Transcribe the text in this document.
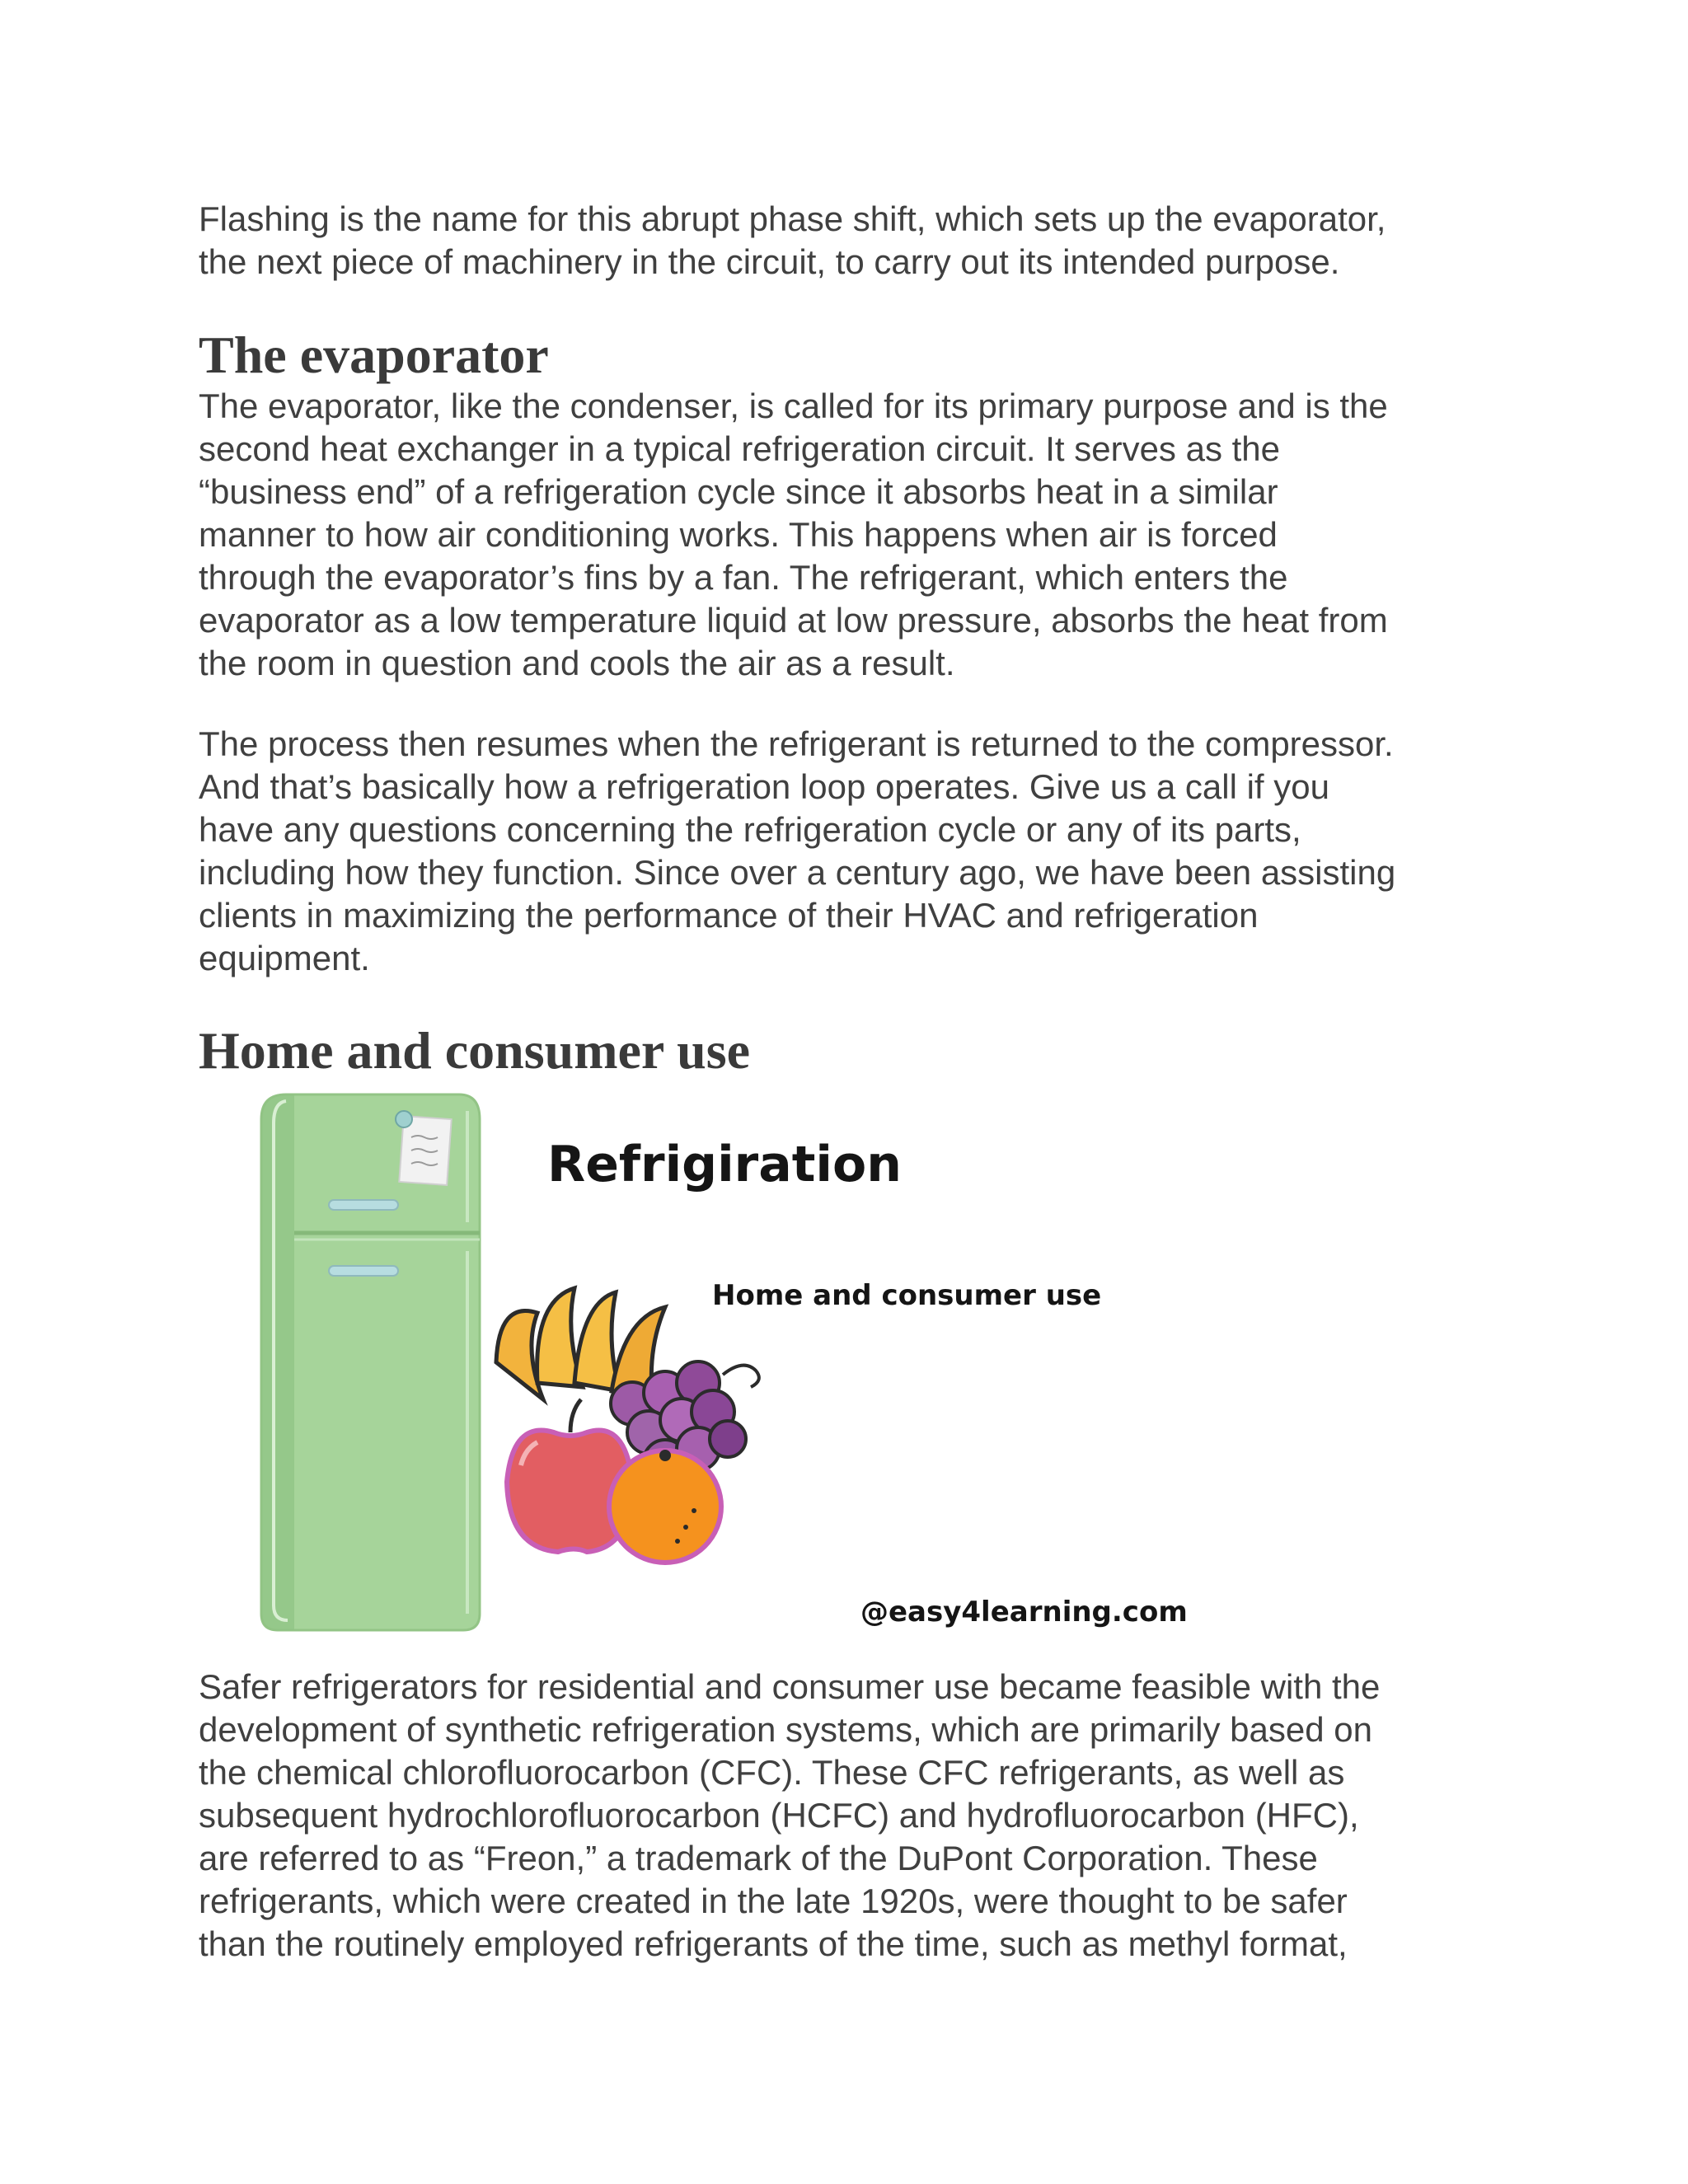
Flashing is the name for this abrupt phase shift, which sets up the evaporator,
the next piece of machinery in the circuit, to carry out its intended purpose.
The evaporator
The evaporator, like the condenser, is called for its primary purpose and is the
second heat exchanger in a typical refrigeration circuit. It serves as the
“business end” of a refrigeration cycle since it absorbs heat in a similar
manner to how air conditioning works. This happens when air is forced
through the evaporator’s fins by a fan. The refrigerant, which enters the
evaporator as a low temperature liquid at low pressure, absorbs the heat from
the room in question and cools the air as a result.
The process then resumes when the refrigerant is returned to the compressor.
And that’s basically how a refrigeration loop operates. Give us a call if you
have any questions concerning the refrigeration cycle or any of its parts,
including how they function. Since over a century ago, we have been assisting
clients in maximizing the performance of their HVAC and refrigeration
equipment.
Home and consumer use
Safer refrigerators for residential and consumer use became feasible with the
development of synthetic refrigeration systems, which are primarily based on
the chemical chlorofluorocarbon (CFC). These CFC refrigerants, as well as
subsequent hydrochlorofluorocarbon (HCFC) and hydrofluorocarbon (HFC),
are referred to as “Freon,” a trademark of the DuPont Corporation. These
refrigerants, which were created in the late 1920s, were thought to be safer
than the routinely employed refrigerants of the time, such as methyl format,
Refrigiration
Home and consumer use
@easy4learning.com
